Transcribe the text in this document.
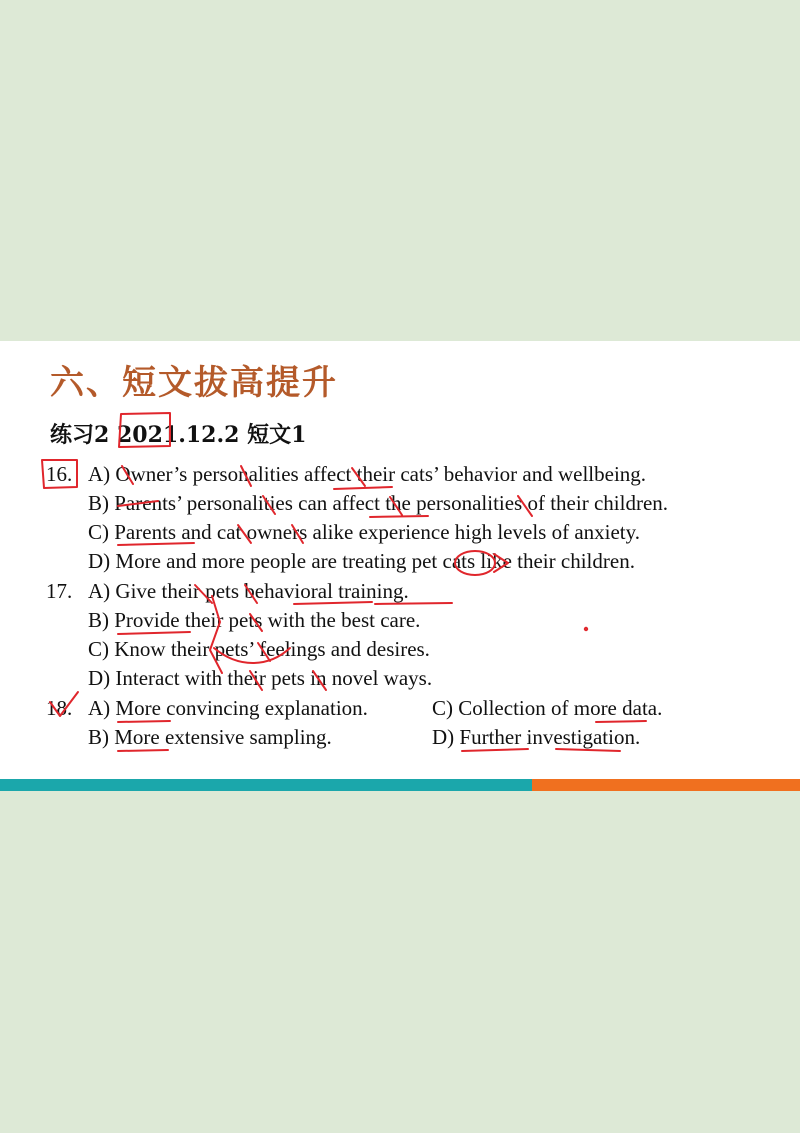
六、短文拔高提升
练习2 2021.12.2 短文1
16. A) Owner’s personalities affect their cats’ behavior and wellbeing.
B) Parents’ personalities can affect the personalities of their children.
C) Parents and cat owners alike experience high levels of anxiety.
D) More and more people are treating pet cats like their children.
17. A) Give their pets behavioral training.
B) Provide their pets with the best care.
C) Know their pets’ feelings and desires.
D) Interact with their pets in novel ways.
18. A) More convincing explanation.	C) Collection of more data.
B) More extensive sampling.	D) Further investigation.
